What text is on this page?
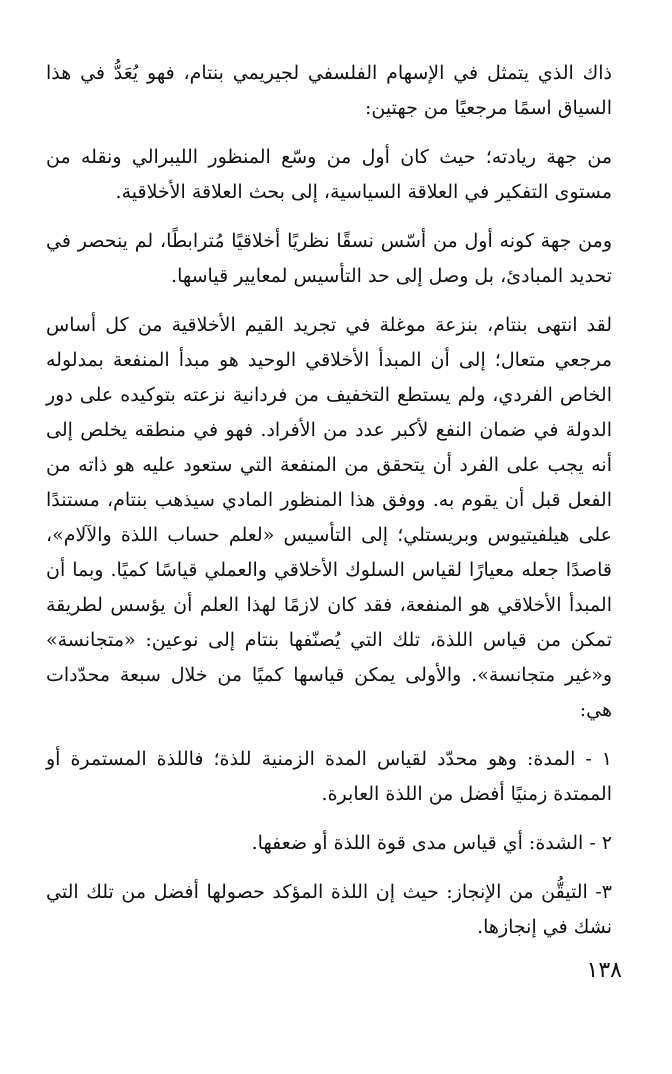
ذاك الذي يتمثل في الإسهام الفلسفي لجيريمي بنتام، فهو يُعَدُّ في هذا السياق اسمًا مرجعيًا من جهتين:

من جهة ريادته؛ حيث كان أول من وسّع المنظور الليبرالي ونقله من مستوى التفكير في العلاقة السياسية، إلى بحث العلاقة الأخلاقية.

ومن جهة كونه أول من أسّس نسقًا نظريًا أخلاقيًا مُترابطًا، لم ينحصر في تحديد المبادئ، بل وصل إلى حد التأسيس لمعايير قياسها.

لقد انتهى بنتام، بنزعة موغلة في تجريد القيم الأخلاقية من كل أساس مرجعي متعال؛ إلى أن المبدأ الأخلاقي الوحيد هو مبدأ المنفعة بمدلوله الخاص الفردي، ولم يستطع التخفيف من فردانية نزعته بتوكيده على دور الدولة في ضمان النفع لأكبر عدد من الأفراد. فهو في منطقه يخلص إلى أنه يجب على الفرد أن يتحقق من المنفعة التي ستعود عليه هو ذاته من الفعل قبل أن يقوم به. ووفق هذا المنظور المادي سيذهب بنتام، مستندًا على هيلفيتيوس وبريستلي؛ إلى التأسيس «لعلم حساب اللذة والآلام»، قاصدًا جعله معيارًا لقياس السلوك الأخلاقي والعملي قياسًا كميًا. وبما أن المبدأ الأخلاقي هو المنفعة، فقد كان لازمًا لهذا العلم أن يؤسس لطريقة تمكن من قياس اللذة، تلك التي يُصنّفها بنتام إلى نوعين: «متجانسة» و«غير متجانسة». والأولى يمكن قياسها كميًا من خلال سبعة محدّدات هي:

١ - المدة: وهو محدّد لقياس المدة الزمنية للذة؛ فاللذة المستمرة أو الممتدة زمنيًا أفضل من اللذة العابرة.

٢ - الشدة: أي قياس مدى قوة اللذة أو ضعفها.

٣- التيقُّن من الإنجاز: حيث إن اللذة المؤكد حصولها أفضل من تلك التي نشك في إنجازها.

١٣٨
